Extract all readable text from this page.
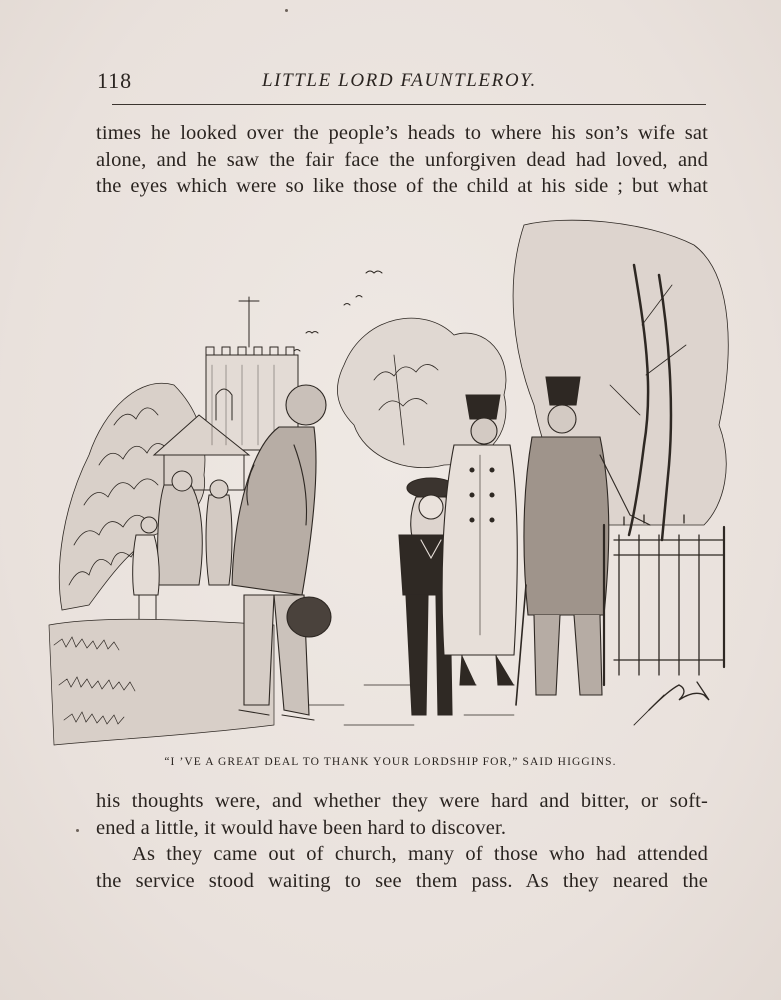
118	LITTLE LORD FAUNTLEROY.
times he looked over the people’s heads to where his son’s wife sat
alone, and he saw the fair face the unforgiven dead had loved, and
the eyes which were so like those of the child at his side ; but what
“I ’VE A GREAT DEAL TO THANK YOUR LORDSHIP FOR,” SAID HIGGINS.
his thoughts were, and whether they were hard and bitter, or soft-
ened a little, it would have been hard to discover.
As they came out of church, many of those who had attended
the service stood waiting to see them pass. As they neared the
